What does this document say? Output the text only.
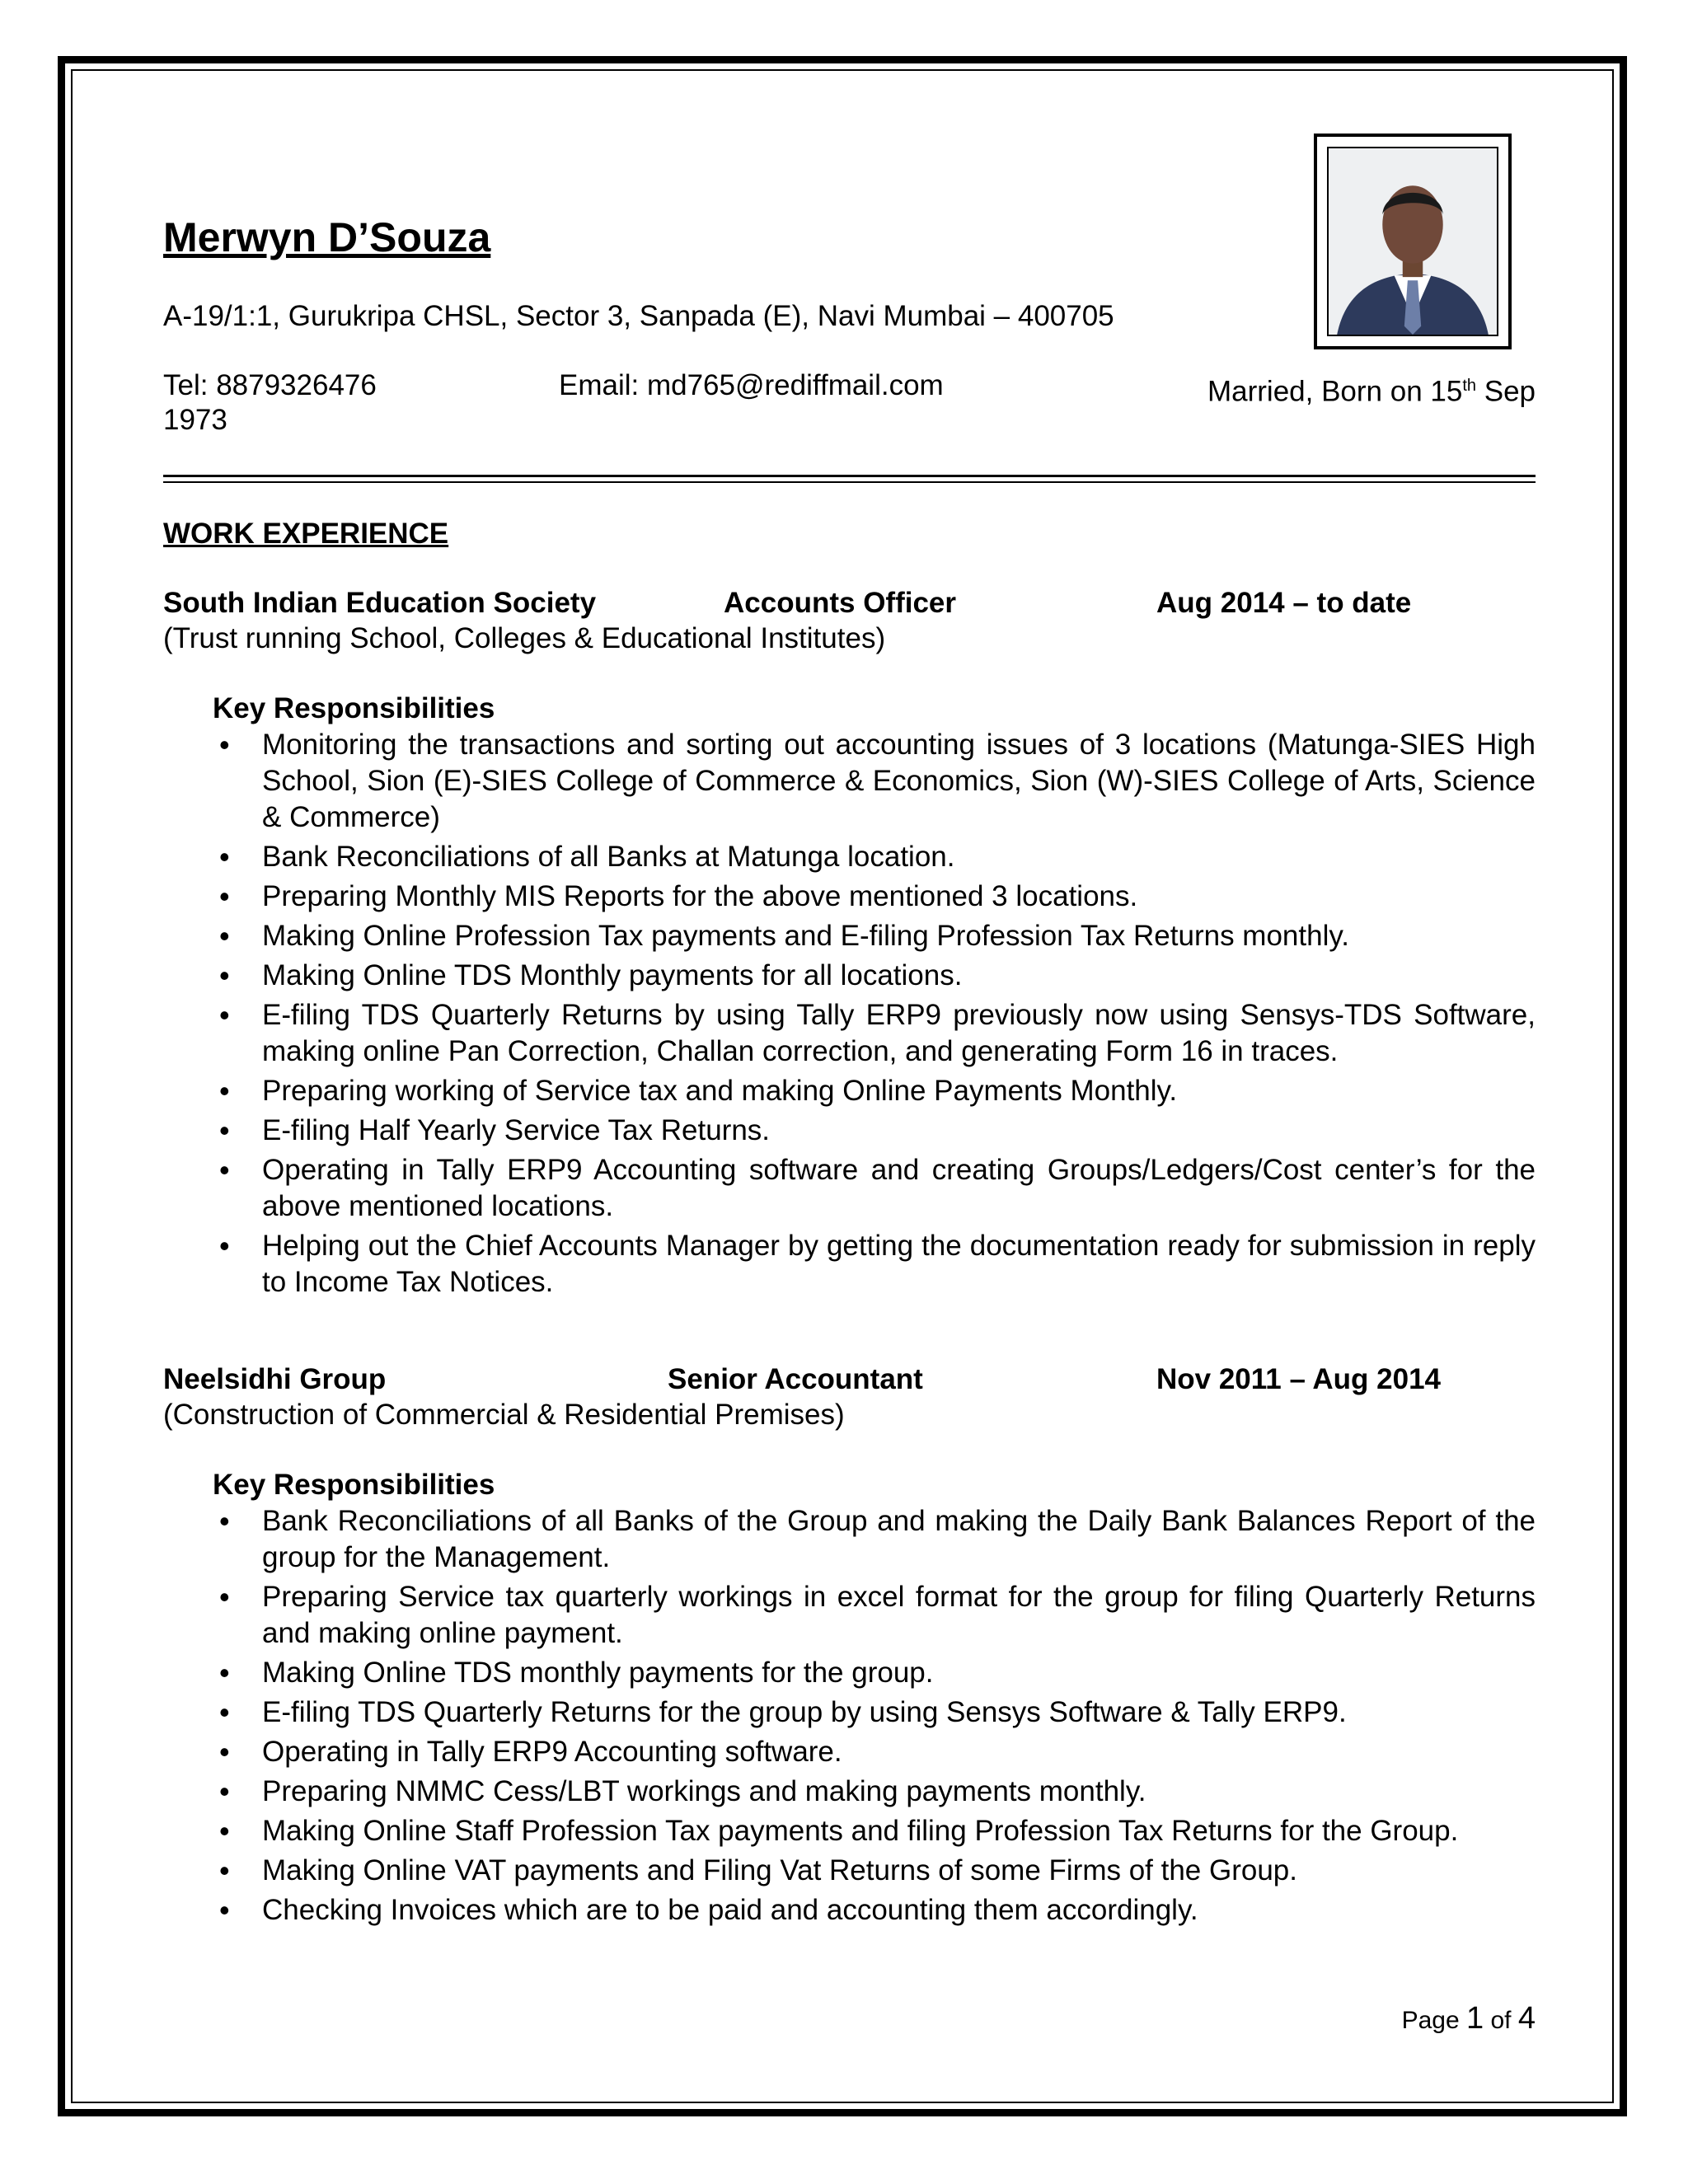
Merwyn D’Souza
A-19/1:1, Gurukripa CHSL, Sector 3, Sanpada (E), Navi Mumbai – 400705
Tel: 8879326476	Email: md765@rediffmail.com	Married, Born on 15th Sep
1973
WORK EXPERIENCE
South Indian Education Society	Accounts Officer	Aug 2014 – to date
(Trust running School, Colleges & Educational Institutes)
Key Responsibilities
• Monitoring the transactions and sorting out accounting issues of 3 locations (Matunga-SIES High School, Sion (E)-SIES College of Commerce & Economics, Sion (W)-SIES College of Arts, Science & Commerce)
• Bank Reconciliations of all Banks at Matunga location.
• Preparing Monthly MIS Reports for the above mentioned 3 locations.
• Making Online Profession Tax payments and E-filing Profession Tax Returns monthly.
• Making Online TDS Monthly payments for all locations.
• E-filing TDS Quarterly Returns by using Tally ERP9 previously now using Sensys-TDS Software, making online Pan Correction, Challan correction, and generating Form 16 in traces.
• Preparing working of Service tax and making Online Payments Monthly.
• E-filing Half Yearly Service Tax Returns.
• Operating in Tally ERP9 Accounting software and creating Groups/Ledgers/Cost center’s for the above mentioned locations.
• Helping out the Chief Accounts Manager by getting the documentation ready for submission in reply to Income Tax Notices.
Neelsidhi Group	Senior Accountant	Nov 2011 – Aug 2014
(Construction of Commercial & Residential Premises)
Key Responsibilities
• Bank Reconciliations of all Banks of the Group and making the Daily Bank Balances Report of the group for the Management.
• Preparing Service tax quarterly workings in excel format for the group for filing Quarterly Returns and making online payment.
• Making Online TDS monthly payments for the group.
• E-filing TDS Quarterly Returns for the group by using Sensys Software & Tally ERP9.
• Operating in Tally ERP9 Accounting software.
• Preparing NMMC Cess/LBT workings and making payments monthly.
• Making Online Staff Profession Tax payments and filing Profession Tax Returns for the Group.
• Making Online VAT payments and Filing Vat Returns of some Firms of the Group.
• Checking Invoices which are to be paid and accounting them accordingly.
Page 1 of 4
